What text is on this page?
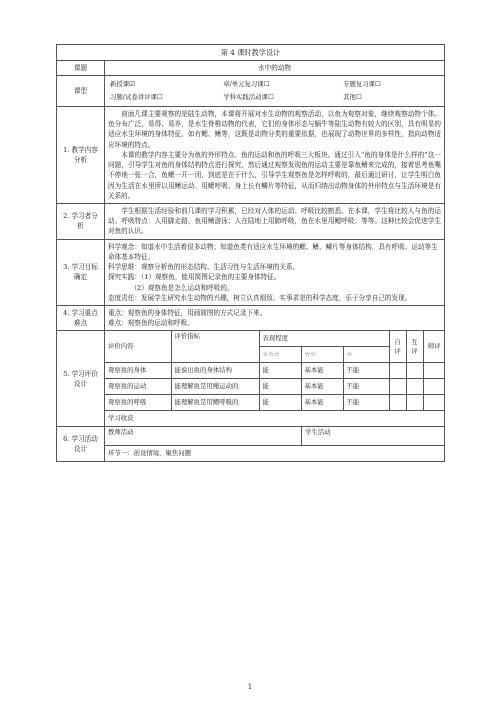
第 4 课时教学设计
课题	水中的动物
课型	
新授课☑	章/单元复习课☐	专题复习课☐
习题/试卷讲评课☐	学科实践活动课☐	其他☐

1. 教学内容分析	

前面几课主要观察的是陆生动物，本课将开展对水生动物的观察活动，以鱼为观察对象，继续观察动物个体。鱼分布广泛，易得、易养，是水生脊椎动物的代表，它们的身体形态与蜗牛等陆生动物有较大的区别，具有明显的适应水生环境的身体特征，如有鳃、鳍等，这既是动物分类的重要依据，也展现了动物世界的多样性，指向动物适应环境的特点。

本课的教学内容主要分为鱼的外形特点、鱼的运动和鱼的呼吸三大板块。通过引入“鱼的身体是什么样的”这一问题，引导学生对鱼的身体结构特点进行探究，然后通过观察发现鱼的运动主要是靠鱼鳍来完成的，接着思考鱼嘴不停地一张一合，鱼鳃一开一闭，到底是在干什么，引导学生观察鱼是怎样呼吸的，最后通过研讨，让学生明白鱼因为生活在水里所以用鳍运动、用鳃呼吸、身上长有鳞片等特征，从而归纳出动物身体的外形特点与生活环境是有关系的。

2. 学习者分析	

学生根据生活经验和前几课的学习积累，已经对人体的运动、呼吸比较熟悉。在本课，学生将比较人与鱼的运动、呼吸特点：人用脚走路，鱼用鳍游泳；人在陆地上用肺呼吸，鱼在水里用鳃呼吸；等等。这种比较会促进学生对鱼的认识。

3. 学习目标确定	

科学观念：知道水中生活着很多动物；知道鱼类有适应水生环境的鳃、鳍、鳞片等身体结构，具有呼吸、运动等生命体基本特征。

科学思维：观察分析鱼的形态结构、生活习性与生活环境的关系。

探究实践：（1）观察鱼，能用简图记录鱼的主要身体特征。

（2）观察鱼是怎么运动和呼吸的。

态度责任：发展学生研究水生动物的兴趣，树立认真细致、实事求是的科学态度，乐于分享自己的发现。

4. 学习重点难点	

重点：观察鱼的身体特征，用画简图的方式记录下来。

难点：观察鱼的运动和呼吸。

5. 学习评价设计	
评价内容	评价指标	表现程度	自评	互评	师评
☆☆☆	☆☆	☆
观察鱼的身体	能说出鱼的身体结构	能	基本能	不能			
观察鱼的运动	能理解鱼是用鳍运动的	能	基本能	不能			
观察鱼的呼吸	能理解鱼是用鳃呼吸的	能	基本能	不能			
学习收获

6. 学习活动设计	
教师活动	学生活动
环节一：创设情境，聚焦问题
1
